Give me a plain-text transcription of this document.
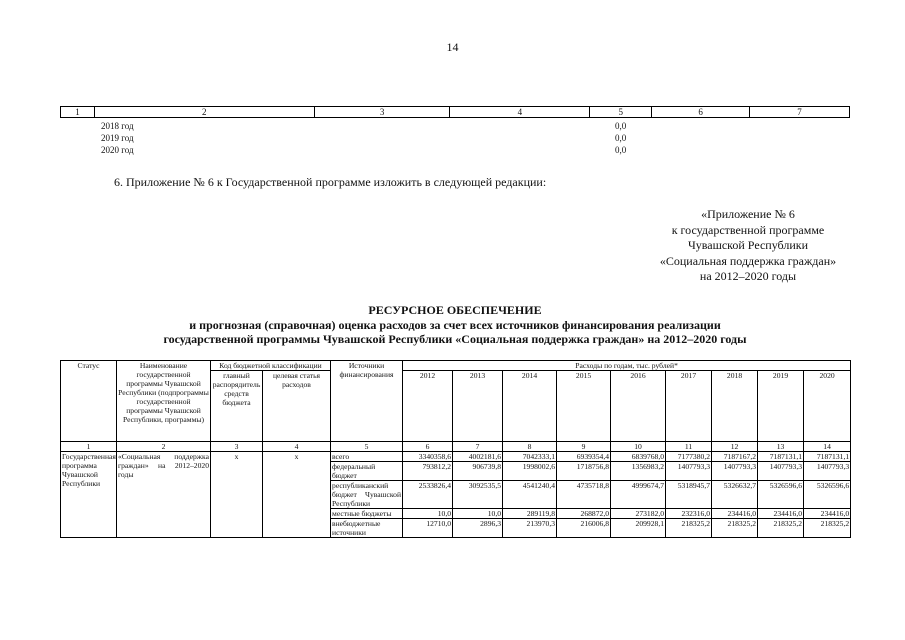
14
1	2	3	4	5	6	7
2018 год	0,0
2019 год	0,0
2020 год	0,0
6. Приложение № 6 к Государственной программе изложить в следующей редакции:
«Приложение № 6
к государственной программе
Чувашской Республики
«Социальная поддержка граждан»
на 2012–2020 годы
РЕСУРСНОЕ ОБЕСПЕЧЕНИЕ
и прогнозная (справочная) оценка расходов за счет всех источников финансирования реализации
государственной программы Чувашской Республики «Социальная поддержка граждан» на 2012–2020 годы
Статус	Наименование государственной программы Чувашской Республики (подпрограммы государственной программы Чувашской Республики, программы)	Код бюджетной классификации		Источники финансирования	Расходы по годам, тыс. рублей*								
		главный распорядитель средств бюджета	целевая статья расходов		2012	2013	2014	2015	2016	2017	2018	2019	2020
1	2	3	4	5	6	7	8	9	10	11	12	13	14
Государственная программа Чувашской Республики	«Социальная поддержка граждан» на 2012–2020 годы	x	x	всего	3340358,6	4002181,6	7042333,1	6939354,4	6839768,0	7177380,2	7187167,2	7187131,1	7187131,1
				федеральный бюджет	793812,2	906739,8	1998002,6	1718756,8	1356983,2	1407793,3	1407793,3	1407793,3	1407793,3
				республиканский бюджет Чувашской Республики	2533826,4	3092535,5	4541240,4	4735718,8	4999674,7	5318945,7	5326632,7	5326596,6	5326596,6
				местные бюджеты	10,0	10,0	289119,8	268872,0	273182,0	232316,0	234416,0	234416,0	234416,0
				внебюджетные источники	12710,0	2896,3	213970,3	216006,8	209928,1	218325,2	218325,2	218325,2	218325,2
